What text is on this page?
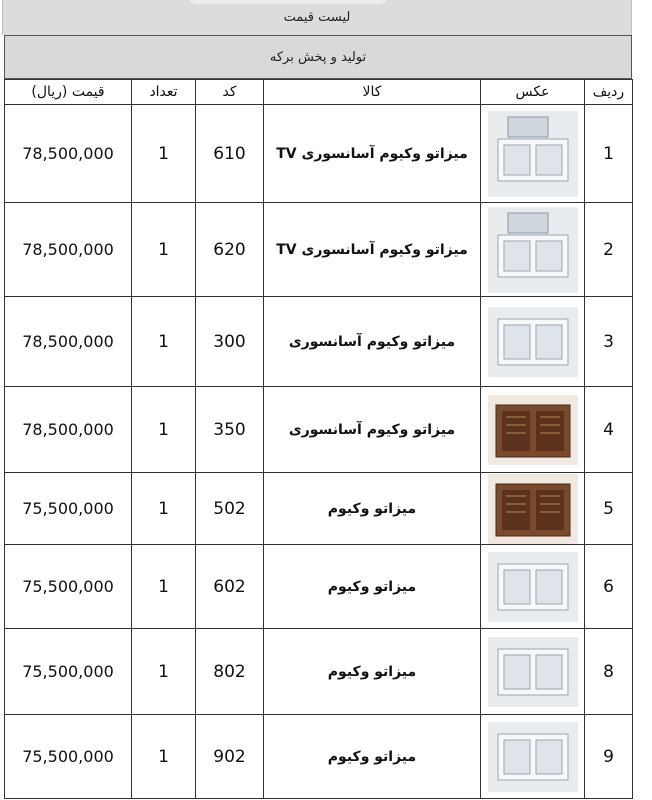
لیست قیمت
تولید و پخش برکه
قیمت (ریال)	تعداد	کد	کالا	عکس	ردیف
78,500,000	1	610	میزاتو وکیوم آسانسوری TV		1
78,500,000	1	620	میزاتو وکیوم آسانسوری TV		2
78,500,000	1	300	میزاتو وکیوم آسانسوری		3
78,500,000	1	350	میزاتو وکیوم آسانسوری		4
75,500,000	1	502	میزاتو وکیوم		5
75,500,000	1	602	میزاتو وکیوم		6
75,500,000	1	802	میزاتو وکیوم		8
75,500,000	1	902	میزاتو وکیوم		9
